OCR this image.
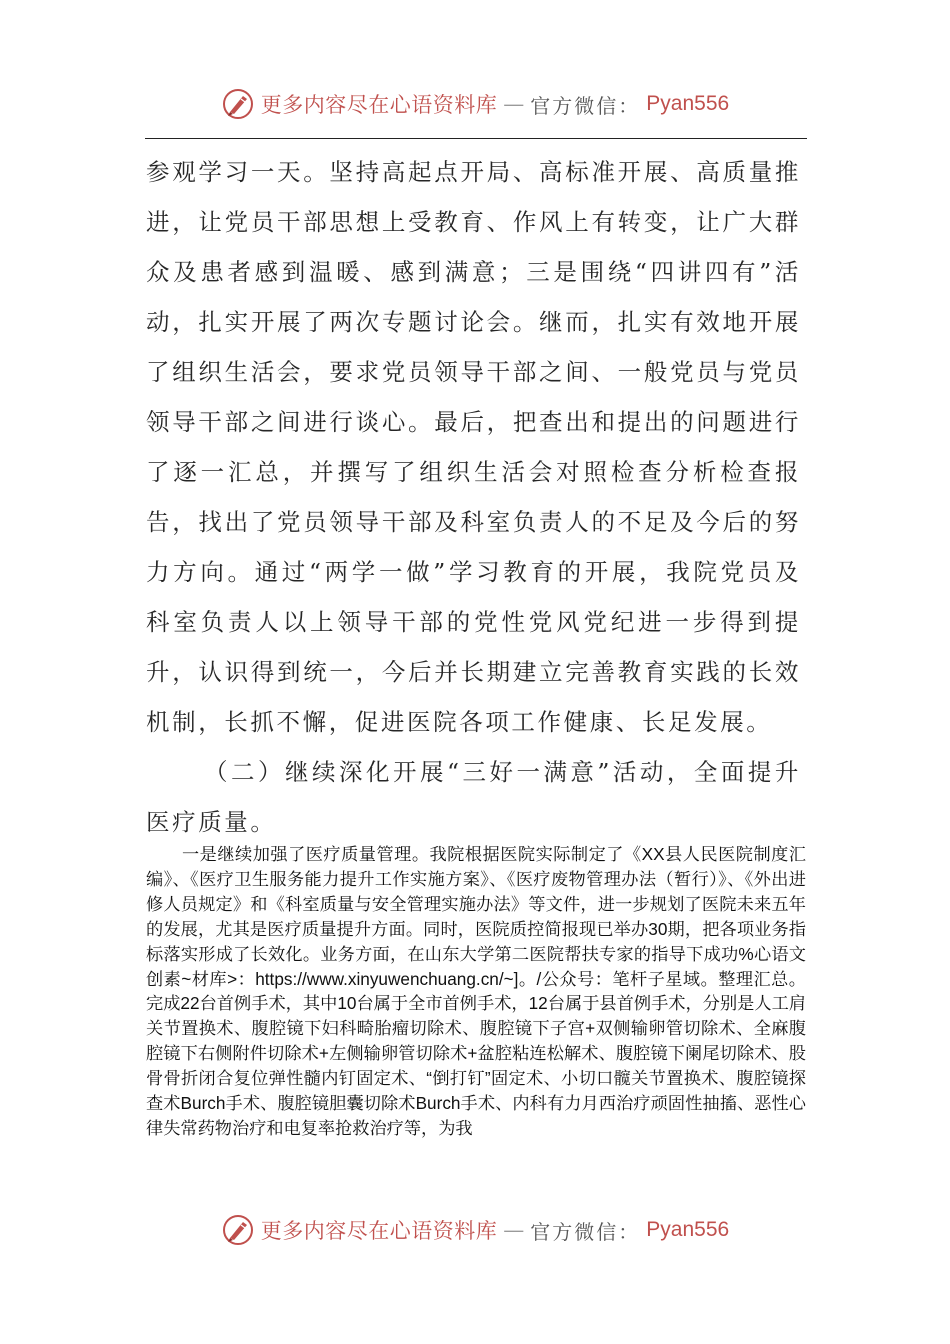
更多内容尽在心语资料库 — 官方微信： Pyan556
参观学习一天。坚持高起点开局、高标准开展、高质量推进，让党员干部思想上受教育、作风上有转变，让广大群众及患者感到温暖、感到满意；三是围绕“四讲四有”活动，扎实开展了两次专题讨论会。继而，扎实有效地开展了组织生活会，要求党员领导干部之间、一般党员与党员领导干部之间进行谈心。最后，把查出和提出的问题进行了逐一汇总，并撰写了组织生活会对照检查分析检查报告，找出了党员领导干部及科室负责人的不足及今后的努力方向。通过“两学一做”学习教育的开展，我院党员及科室负责人以上领导干部的党性党风党纪进一步得到提升，认识得到统一，今后并长期建立完善教育实践的长效机制，长抓不懈，促进医院各项工作健康、长足发展。
（二）继续深化开展“三好一满意”活动，全面提升医疗质量。
一是继续加强了医疗质量管理。我院根据医院实际制定了《XX县人民医院制度汇编》、《医疗卫生服务能力提升工作实施方案》、《医疗废物管理办法（暂行）》、《外出进修人员规定》和《科室质量与安全管理实施办法》等文件，进一步规划了医院未来五年的发展，尤其是医疗质量提升方面。同时，医院质控简报现已举办30期，把各项业务指标落实形成了长效化。业务方面，在山东大学第二医院帮扶专家的指导下成功%心语文创素~材库>：https://www.xinyuwenchuang.cn/~]。/公众号：笔杆子星域。整理汇总。完成22台首例手术，其中10台属于全市首例手术，12台属于县首例手术，分别是人工肩关节置换术、腹腔镜下妇科畸胎瘤切除术、腹腔镜下子宫+双侧输卵管切除术、全麻腹腔镜下右侧附件切除术+左侧输卵管切除术+盆腔粘连松解术、腹腔镜下阑尾切除术、股骨骨折闭合复位弹性髓内钉固定术、“倒打钉”固定术、小切口髋关节置换术、腹腔镜探查术Burch手术、腹腔镜胆囊切除术Burch手术、内科有力月西治疗顽固性抽搐、恶性心律失常药物治疗和电复率抢救治疗等，为我
更多内容尽在心语资料库 — 官方微信： Pyan556
